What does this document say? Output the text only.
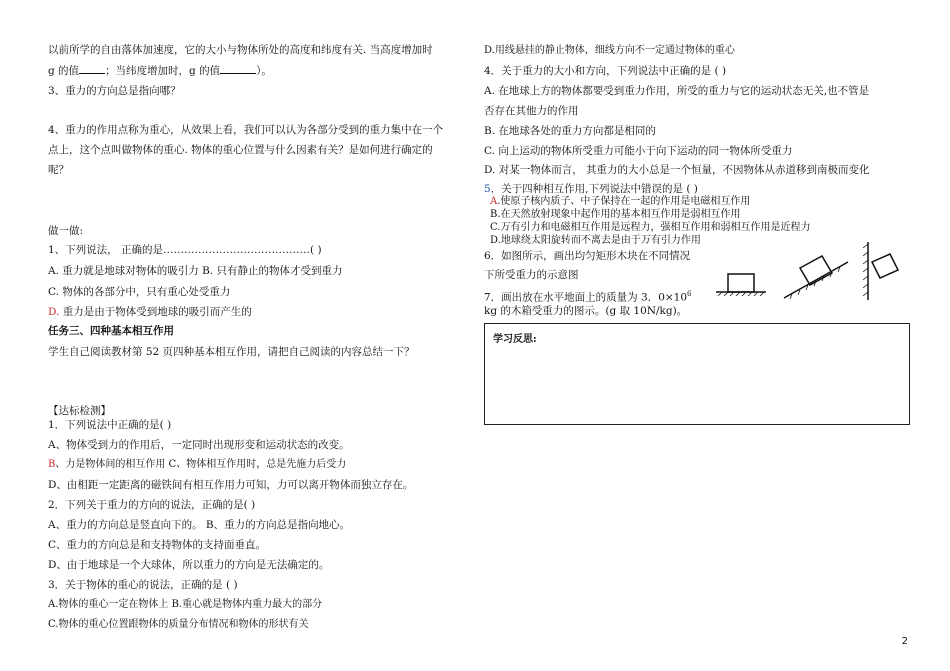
以前所学的自由落体加速度，它的大小与物体所处的高度和纬度有关. 当高度增加时
g 的值 ；当纬度增加时，g 的值	）。
3、重力的方向总是指向哪？
4、重力的作用点称为重心，从效果上看，我们可以认为各部分受到的重力集中在一个
点上，这个点叫做物体的重心. 物体的重心位置与什么因素有关？是如何进行确定的
呢？
做一做:
1、下列说法， 正确的是……………………………………( )
A. 重力就是地球对物体的吸引力 B. 只有静止的物体才受到重力
C. 物体的各部分中，只有重心处受重力
D. 重力是由于物体受到地球的吸引而产生的
任务三、四种基本相互作用
学生自己阅读教材第 52 页四种基本相互作用，请把自己阅读的内容总结一下？
【达标检测】
1．下列说法中正确的是( )
A、物体受到力的作用后，一定同时出现形变和运动状态的改变。
B、力是物体间的相互作用 C、物体相互作用时，总是先施力后受力
D、由相距一定距离的磁铁间有相互作用力可知，力可以离开物体而独立存在。
2．下列关于重力的方向的说法，正确的是( )
A、重力的方向总是竖直向下的。 B、重力的方向总是指向地心。
C、重力的方向总是和支持物体的支持面垂直。
D、由于地球是一个大球体，所以重力的方向是无法确定的。
3．关于物体的重心的说法，正确的是 ( )
A.物体的重心一定在物体上 B.重心就是物体内重力最大的部分
C.物体的重心位置跟物体的质量分布情况和物体的形状有关
D.用线悬挂的静止物体，细线方向不一定通过物体的重心
4．关于重力的大小和方向，下列说法中正确的是 ( )
A. 在地球上方的物体都要受到重力作用，所受的重力与它的运动状态无关,也不管是
否存在其他力的作用
B. 在地球各处的重力方向都是相同的
C. 向上运动的物体所受重力可能小于向下运动的同一物体所受重力
D. 对某一物体而言， 其重力的大小总是一个恒量，不因物体从赤道移到南极而变化
5．关于四种相互作用,下列说法中错误的是 ( )
A.使原子核内质子、中子保持在一起的作用是电磁相互作用
B.在天然放射现象中起作用的基本相互作用是弱相互作用
C.万有引力和电磁相互作用是远程力，强相互作用和弱相互作用是近程力
D.地球绕太阳旋转而不离去是由于万有引力作用
6．如图所示，画出均匀矩形木块在不同情况
下所受重力的示意图
7．画出放在水平地面上的质量为 3．$0\times 10^6$
kg 的木箱受重力的图示。(g 取 10N/kg)。
学习反思:
2
